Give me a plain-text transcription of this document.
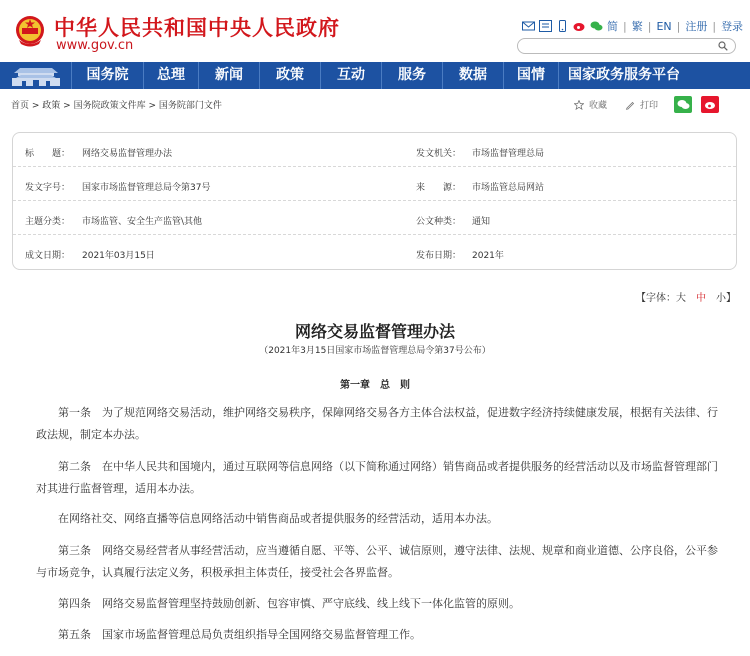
中华人民共和国中央人民政府
www.gov.cn
简 | 繁 | EN | 注册 | 登录
国务院	总理	新闻	政策	互动	服务	数据	国情	国家政务服务平台
首页 > 政策 > 国务院政策文件库 > 国务院部门文件	收藏	打印
标　　题： 网络交易监督管理办法	发文机关： 市场监督管理总局
发文字号： 国家市场监督管理总局令第37号	来　　源： 市场监管总局网站
主题分类： 市场监管、安全生产监管\其他	公文种类： 通知
成文日期： 2021年03月15日	发布日期： 2021年
【字体：大　 中　 小】
网络交易监督管理办法
（2021年3月15日国家市场监督管理总局令第37号公布）
第一章　总　则

第一条　为了规范网络交易活动，维护网络交易秩序，保障网络交易各方主体合法权益，促进数字经济持续健康发展，根据有关法律、行政法规，制定本办法。

第二条　在中华人民共和国境内，通过互联网等信息网络（以下简称通过网络）销售商品或者提供服务的经营活动以及市场监督管理部门对其进行监督管理，适用本办法。

在网络社交、网络直播等信息网络活动中销售商品或者提供服务的经营活动，适用本办法。

第三条　网络交易经营者从事经营活动，应当遵循自愿、平等、公平、诚信原则，遵守法律、法规、规章和商业道德、公序良俗，公平参与市场竞争，认真履行法定义务，积极承担主体责任，接受社会各界监督。

第四条　网络交易监督管理坚持鼓励创新、包容审慎、严守底线、线上线下一体化监管的原则。

第五条　国家市场监督管理总局负责组织指导全国网络交易监督管理工作。
